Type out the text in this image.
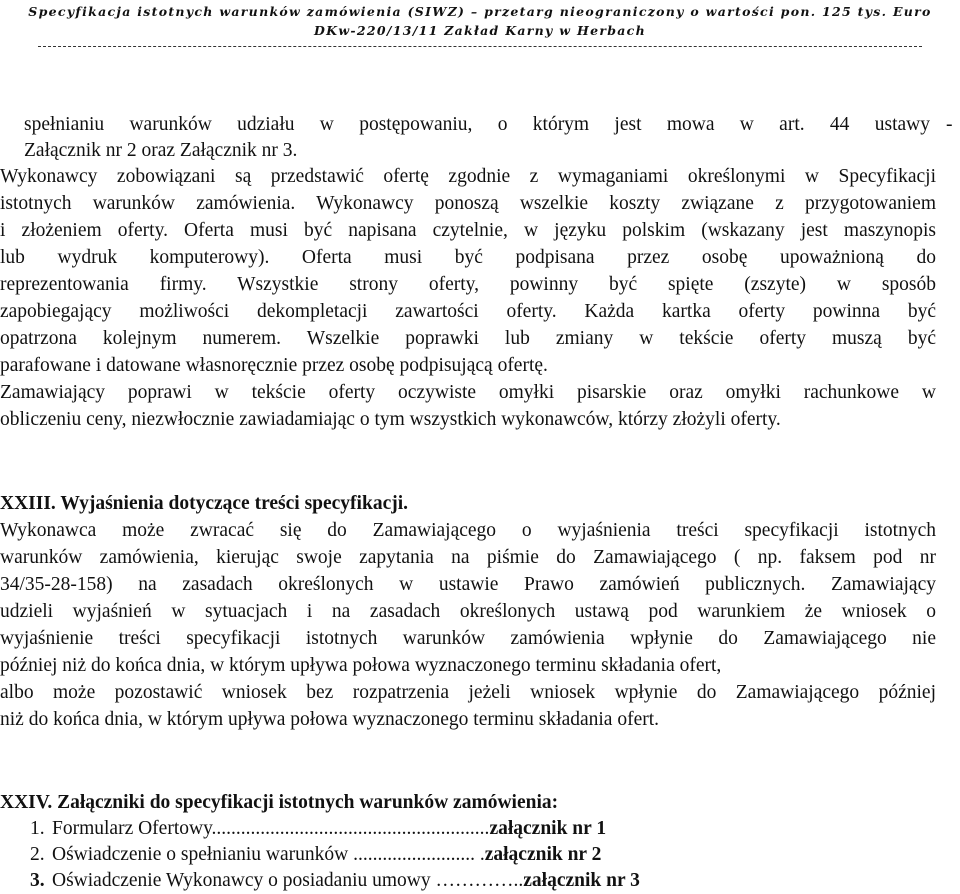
Specyfikacja istotnych warunków zamówienia (SIWZ) – przetarg nieograniczony o wartości pon. 125 tys. Euro
DKw-220/13/11 Zakład Karny w Herbach
spełnianiu warunków udziału w postępowaniu, o którym jest mowa w art. 44 ustawy -
Załącznik nr 2 oraz Załącznik nr 3.
Wykonawcy zobowiązani są przedstawić ofertę zgodnie z wymaganiami określonymi w Specyfikacji
istotnych warunków zamówienia. Wykonawcy ponoszą wszelkie koszty związane z przygotowaniem
i złożeniem oferty. Oferta musi być napisana czytelnie, w języku polskim (wskazany jest maszynopis
lub wydruk komputerowy). Oferta musi być podpisana przez osobę upoważnioną do
reprezentowania firmy. Wszystkie strony oferty, powinny być spięte (zszyte) w sposób
zapobiegający możliwości dekompletacji zawartości oferty. Każda kartka oferty powinna być
opatrzona kolejnym numerem. Wszelkie poprawki lub zmiany w tekście oferty muszą być
parafowane i datowane własnoręcznie przez osobę podpisującą ofertę.
Zamawiający poprawi w tekście oferty oczywiste omyłki pisarskie oraz omyłki rachunkowe w
obliczeniu ceny, niezwłocznie zawiadamiając o tym wszystkich wykonawców, którzy złożyli oferty.
XXIII. Wyjaśnienia dotyczące treści specyfikacji.
Wykonawca może zwracać się do Zamawiającego o wyjaśnienia treści specyfikacji istotnych
warunków zamówienia, kierując swoje zapytania na piśmie do Zamawiającego ( np. faksem pod nr
34/35-28-158) na zasadach określonych w ustawie Prawo zamówień publicznych. Zamawiający
udzieli wyjaśnień w sytuacjach i na zasadach określonych ustawą pod warunkiem że wniosek o
wyjaśnienie treści specyfikacji istotnych warunków zamówienia wpłynie do Zamawiającego nie
później niż do końca dnia, w którym upływa połowa wyznaczonego terminu składania ofert,
albo może pozostawić wniosek bez rozpatrzenia jeżeli wniosek wpłynie do Zamawiającego później
niż do końca dnia, w którym upływa połowa wyznaczonego terminu składania ofert.
XXIV. Załączniki do specyfikacji istotnych warunków zamówienia:
1. Formularz Ofertowy......................................................... załącznik nr 1
2. Oświadczenie o spełnianiu warunków ......................... . załącznik nr 2
3. Oświadczenie Wykonawcy o posiadaniu umowy ………….. załącznik nr 3
